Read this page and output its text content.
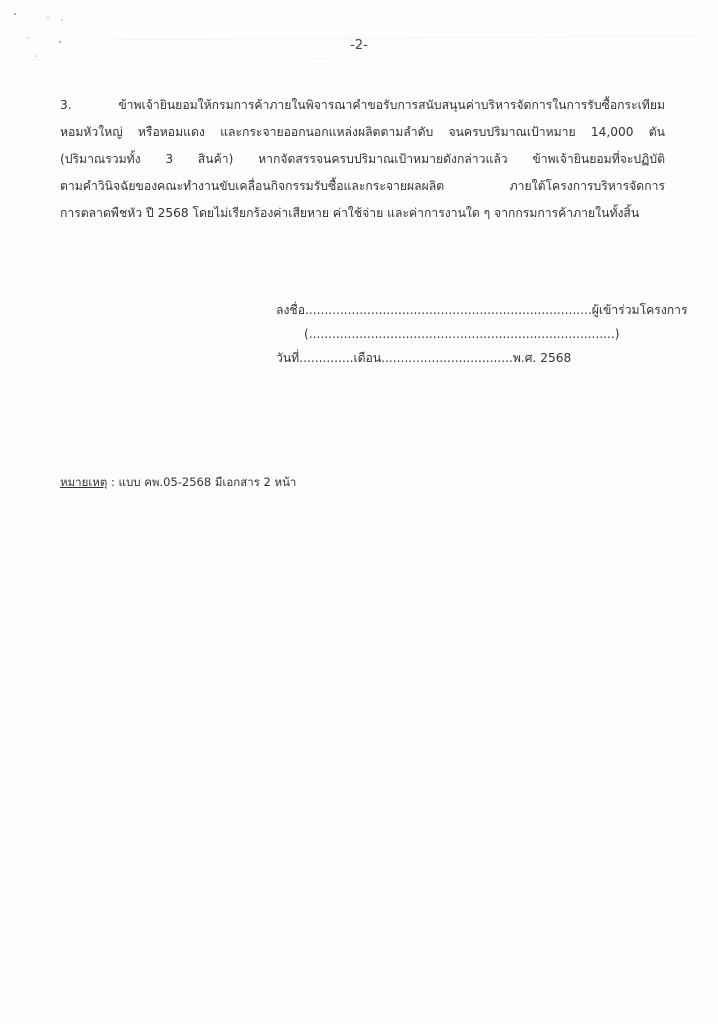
-2-
3. ข้าพเจ้ายินยอมให้กรมการค้าภายในพิจารณาคำขอรับการสนับสนุนค่าบริหารจัดการในการรับซื้อกระเทียม
หอมหัวใหญ่ หรือหอมแดง และกระจายออกนอกแหล่งผลิตตามลำดับ จนครบปริมาณเป้าหมาย 14,000 ตัน
(ปริมาณรวมทั้ง 3 สินค้า) หากจัดสรรจนครบปริมาณเป้าหมายดังกล่าวแล้ว ข้าพเจ้ายินยอมที่จะปฏิบัติ
ตามคำวินิจฉัยของคณะทำงานขับเคลื่อนกิจกรรมรับซื้อและกระจายผลผลิต ภายใต้โครงการบริหารจัดการ
การตลาดพืชหัว ปี 2568 โดยไม่เรียกร้องค่าเสียหาย ค่าใช้จ่าย และค่าการงานใด ๆ จากกรมการค้าภายในทั้งสิ้น
ลงชื่อ..........................................................................ผู้เข้าร่วมโครงการ
(...............................................................................)
วันที่..............เดือน..................................พ.ศ. 2568
หมายเหตุ : แบบ คพ.05-2568 มีเอกสาร 2 หน้า
